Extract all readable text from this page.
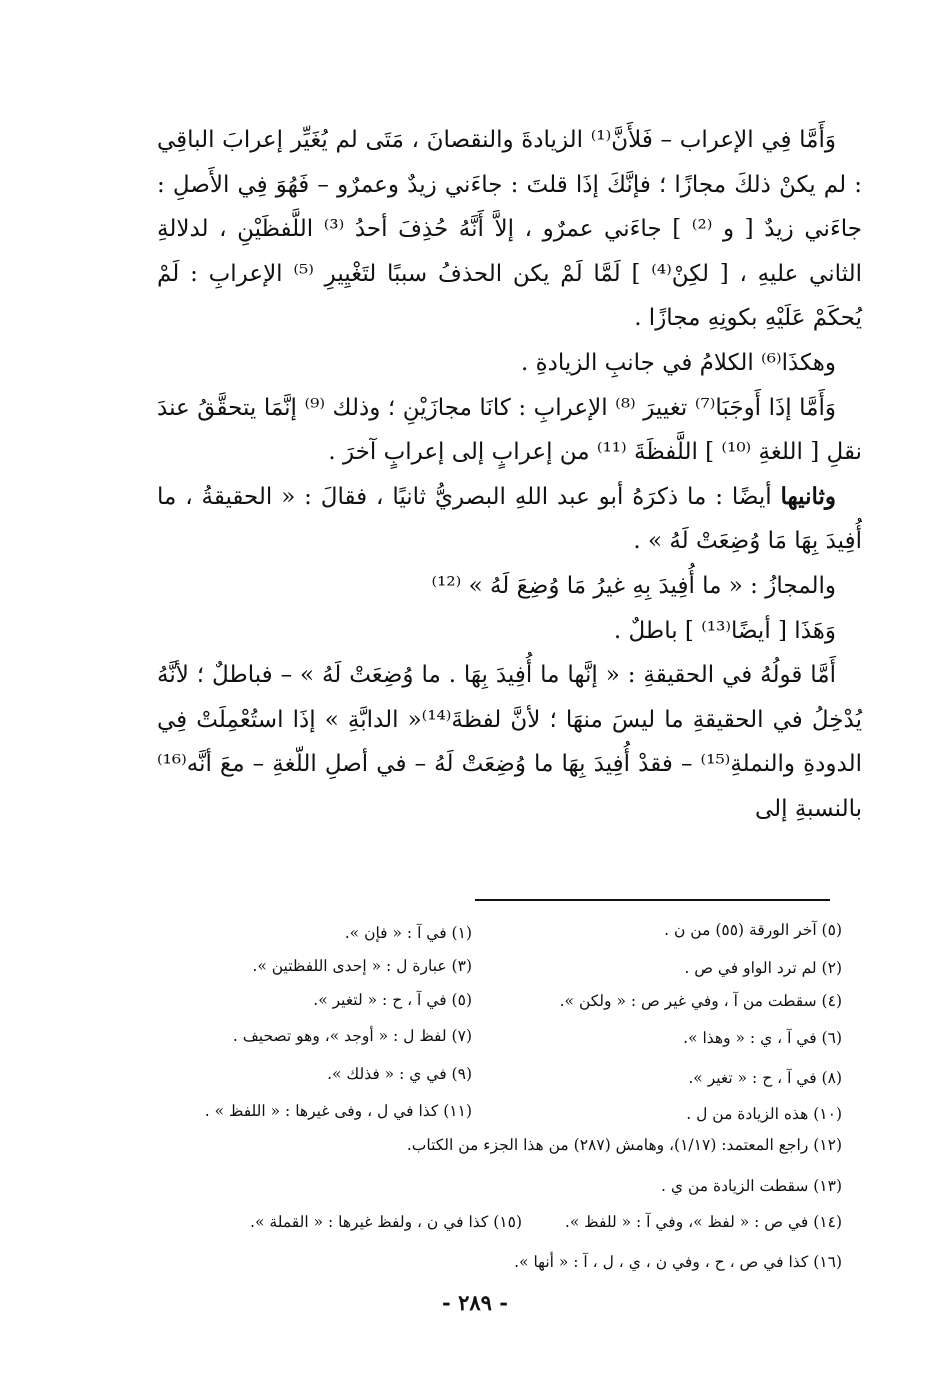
وَأَمَّا فِي الإعراب – فَلأَنَّ⁽¹⁾ الزيادةَ والنقصانَ ، مَتَى لم يُغَيِّر إعرابَ الباقِي : لم يكنْ ذلكَ مجازًا ؛ فإنَّكَ إذَا قلتَ : جاءَني زيدٌ وعمرٌو – فَهُوَ فِي الأَصلِ : جاءَني زيدٌ [ و ⁽²⁾ ] جاءَني عمرٌو ، إلاَّ أَنَّهُ حُذِفَ أحدُ ⁽³⁾ اللَّفظَيْنِ ، لدلالةِ الثاني عليهِ ، [ لكِنْ⁽⁴⁾ ] لَمَّا لَمْ يكن الحذفُ سببًا لتَغْيِيرِ ⁽⁵⁾ الإعرابِ : لَمْ يُحكَمْ عَلَيْهِ بكونِهِ مجازًا .

وهكذَا⁽⁶⁾ الكلامُ في جانبِ الزيادةِ .

وَأَمَّا إذَا أَوجَبَا⁽⁷⁾ تغييرَ ⁽⁸⁾ الإعرابِ : كانَا مجازَيْنِ ؛ وذلك ⁽⁹⁾ إنَّمَا يتحقَّقُ عندَ نقلِ [ اللغةِ ⁽¹⁰⁾ ] اللَّفظَةَ ⁽¹¹⁾ من إعرابٍ إلى إعرابٍ آخرَ .

وثانيها أيضًا : ما ذكرَهُ أبو عبد اللهِ البصريُّ ثانيًا ، فقالَ : « الحقيقةُ ، ما أُفِيدَ بِهَا مَا وُضِعَتْ لَهُ » .

والمجازُ : « ما أُفِيدَ بِهِ غيرُ مَا وُضِعَ لَهُ » ⁽¹²⁾

وَهَذَا [ أيضًا⁽¹³⁾ ] باطلٌ .

أَمَّا قولُهُ في الحقيقةِ : « إنَّها ما أُفِيدَ بِهَا . ما وُضِعَتْ لَهُ » – فباطلٌ ؛ لأنَّهُ يُدْخِلُ في الحقيقةِ ما ليسَ منهَا ؛ لأنَّ لفظةَ⁽¹⁴⁾« الدابَّةِ » إذَا استُعْمِلَتْ فِي الدودةِ والنملةِ⁽¹⁵⁾ – فقدْ أُفِيدَ بِهَا ما وُضِعَتْ لَهُ – في أصلِ اللّغةِ – معَ أنَّه⁽¹⁶⁾بالنسبةِ إلى

(١) في آ : « فإن ».	(٥) آخر الورقة (٥٥) من ن .
(٢) لم ترد الواو في ص .
(٣) عبارة ل : « إحدى اللفظتين ».
(٤) سقطت من آ ، وفي غير ص : « ولكن ».
(٥) في آ ، ح : « لتغير ».
(٦) في آ ، ي : « وهذا ».
(٧) لفظ ل : « أوجد »، وهو تصحيف .
(٨) في آ ، ح : « تغير ».
(٩) في ي : « فذلك ».
(١٠) هذه الزيادة من ل .
(١١) كذا في ل ، وفى غيرها : « اللفظ » .
(١٢) راجع المعتمد: (١/١٧)، وهامش (٢٨٧) من هذا الجزء من الكتاب.
(١٣) سقطت الزيادة من ي .
(١٤) في ص : « لفظ »، وفي آ : « للفظ ».
(١٥) كذا في ن ، ولفظ غيرها : « القملة ».
(١٦) كذا في ص ، ح ، وفي ن ، ي ، ل ، آ : « أنها ».
- ٢٨٩ -
